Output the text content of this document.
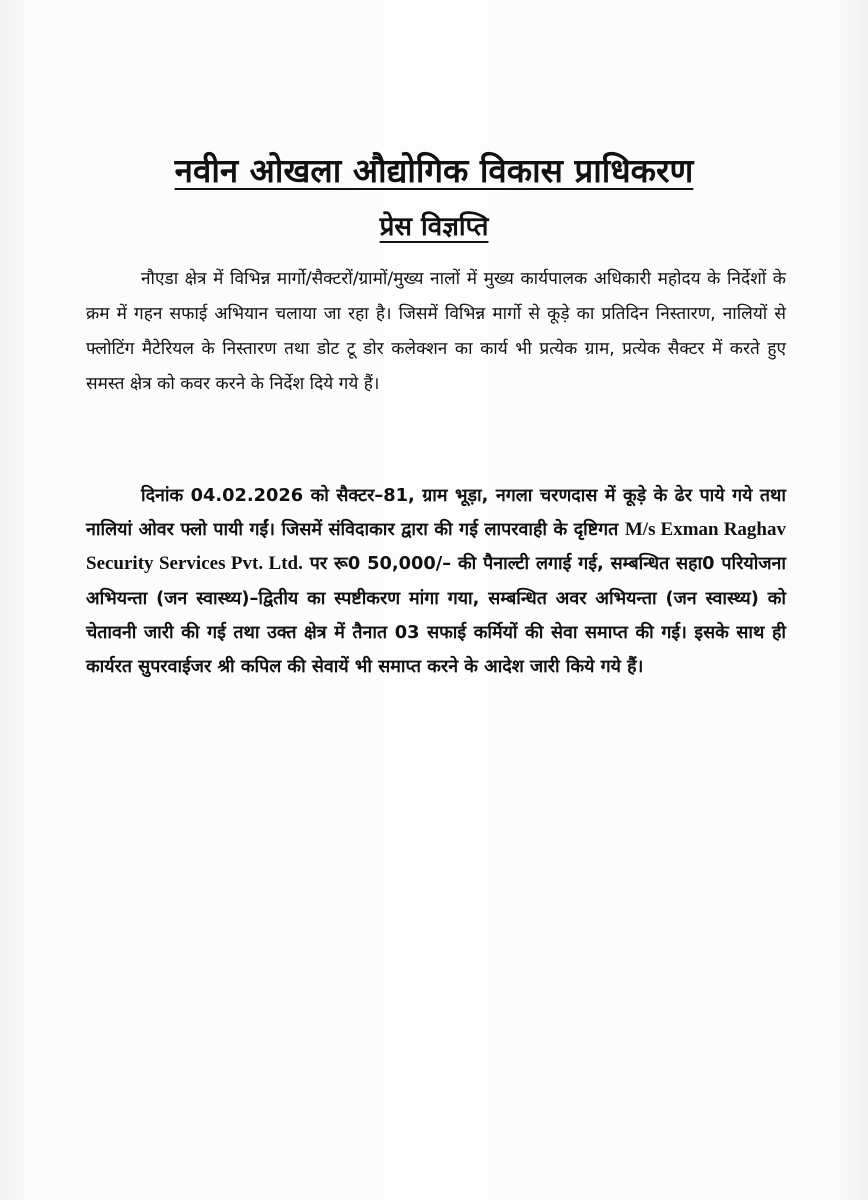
नवीन ओखला औद्योगिक विकास प्राधिकरण
प्रेस विज्ञप्ति

नौएडा क्षेत्र में विभिन्न मार्गो/सैक्टरों/ग्रामों/मुख्य नालों में मुख्य कार्यपालक अधिकारी महोदय के निर्देशों के क्रम में गहन सफाई अभियान चलाया जा रहा है। जिसमें विभिन्न मार्गो से कूड़े का प्रतिदिन निस्तारण, नालियों से फ्लोटिंग मैटेरियल के निस्तारण तथा डोट टू डोर कलेक्शन का कार्य भी प्रत्येक ग्राम, प्रत्येक सैक्टर में करते हुए समस्त क्षेत्र को कवर करने के निर्देश दिये गये हैं।

दिनांक 04.02.2026 को सैक्टर–81, ग्राम भूड़ा, नगला चरणदास में कूड़े के ढेर पाये गये तथा नालियां ओवर फ्लो पायी गईं। जिसमें संविदाकार द्वारा की गई लापरवाही के दृष्टिगत M/s Exman Raghav Security Services Pvt. Ltd. पर रू0 50,000/– की पैनाल्टी लगाई गई, सम्बन्धित सहा0 परियोजना अभियन्ता (जन स्वास्थ्य)–द्वितीय का स्पष्टीकरण मांगा गया, सम्बन्धित अवर अभियन्ता (जन स्वास्थ्य) को चेतावनी जारी की गई तथा उक्त क्षेत्र में तैनात 03 सफाई कर्मियों की सेवा समाप्त की गई। इसके साथ ही कार्यरत सुपरवाईजर श्री कपिल की सेवायें भी समाप्त करने के आदेश जारी किये गये हैं।
